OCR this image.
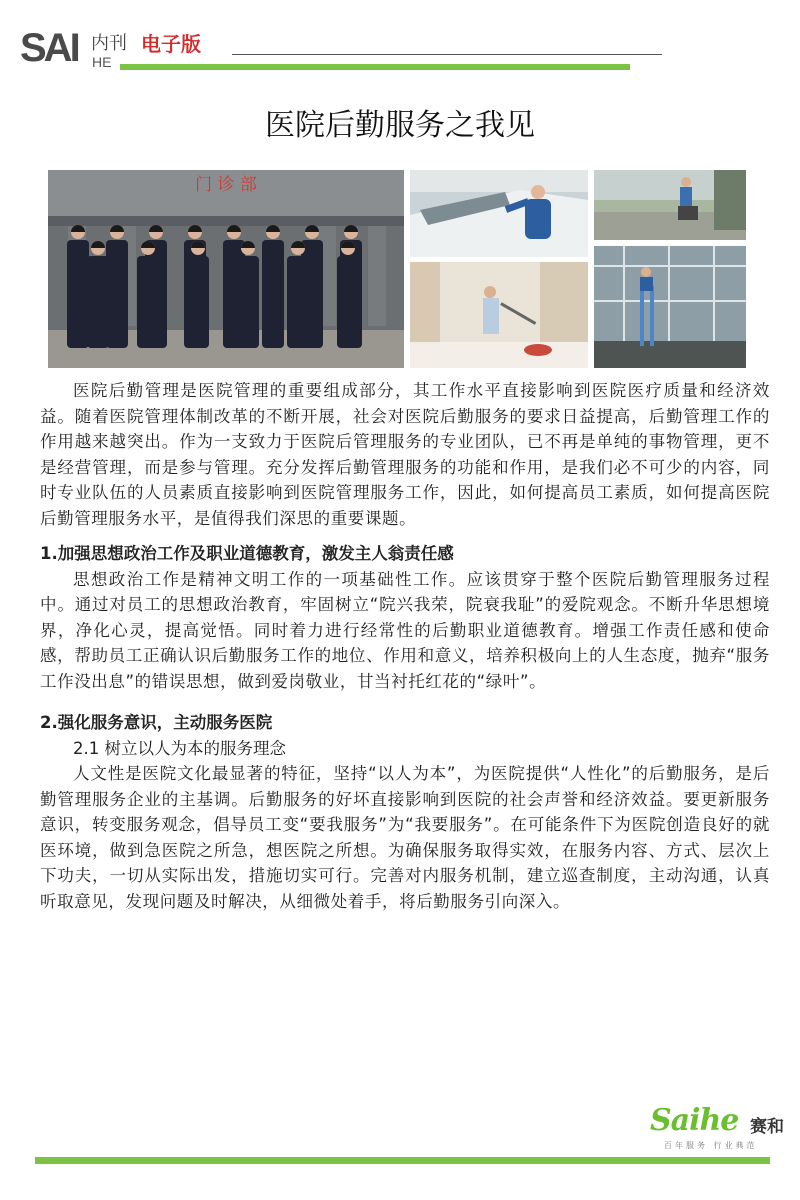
SAI 内刊
HE
电子版
医院后勤服务之我见
门 诊 部

医院后勤管理是医院管理的重要组成部分，其工作水平直接影响到医院医疗质量和经济效益。随着医院管理体制改革的不断开展，社会对医院后勤服务的要求日益提高，后勤管理工作的作用越来越突出。作为一支致力于医院后管理服务的专业团队，已不再是单纯的事物管理，更不是经营管理，而是参与管理。充分发挥后勤管理服务的功能和作用，是我们必不可少的内容，同时专业队伍的人员素质直接影响到医院管理服务工作，因此，如何提高员工素质，如何提高医院后勤管理服务水平，是值得我们深思的重要课题。

1.加强思想政治工作及职业道德教育，激发主人翁责任感

思想政治工作是精神文明工作的一项基础性工作。应该贯穿于整个医院后勤管理服务过程中。通过对员工的思想政治教育，牢固树立“院兴我荣，院衰我耻”的爱院观念。不断升华思想境界，净化心灵，提高觉悟。同时着力进行经常性的后勤职业道德教育。增强工作责任感和使命感，帮助员工正确认识后勤服务工作的地位、作用和意义，培养积极向上的人生态度，抛弃“服务工作没出息”的错误思想，做到爱岗敬业，甘当衬托红花的“绿叶”。

2.强化服务意识，主动服务医院

2.1 树立以人为本的服务理念

人文性是医院文化最显著的特征，坚持“以人为本”，为医院提供“人性化”的后勤服务，是后勤管理服务企业的主基调。后勤服务的好坏直接影响到医院的社会声誉和经济效益。要更新服务意识，转变服务观念，倡导员工变“要我服务”为“我要服务”。在可能条件下为医院创造良好的就医环境，做到急医院之所急，想医院之所想。为确保服务取得实效，在服务内容、方式、层次上下功夫，一切从实际出发，措施切实可行。完善对内服务机制，建立巡查制度，主动沟通，认真听取意见，发现问题及时解决，从细微处着手，将后勤服务引向深入。

Saihe 赛和
百年服务 行业典范
